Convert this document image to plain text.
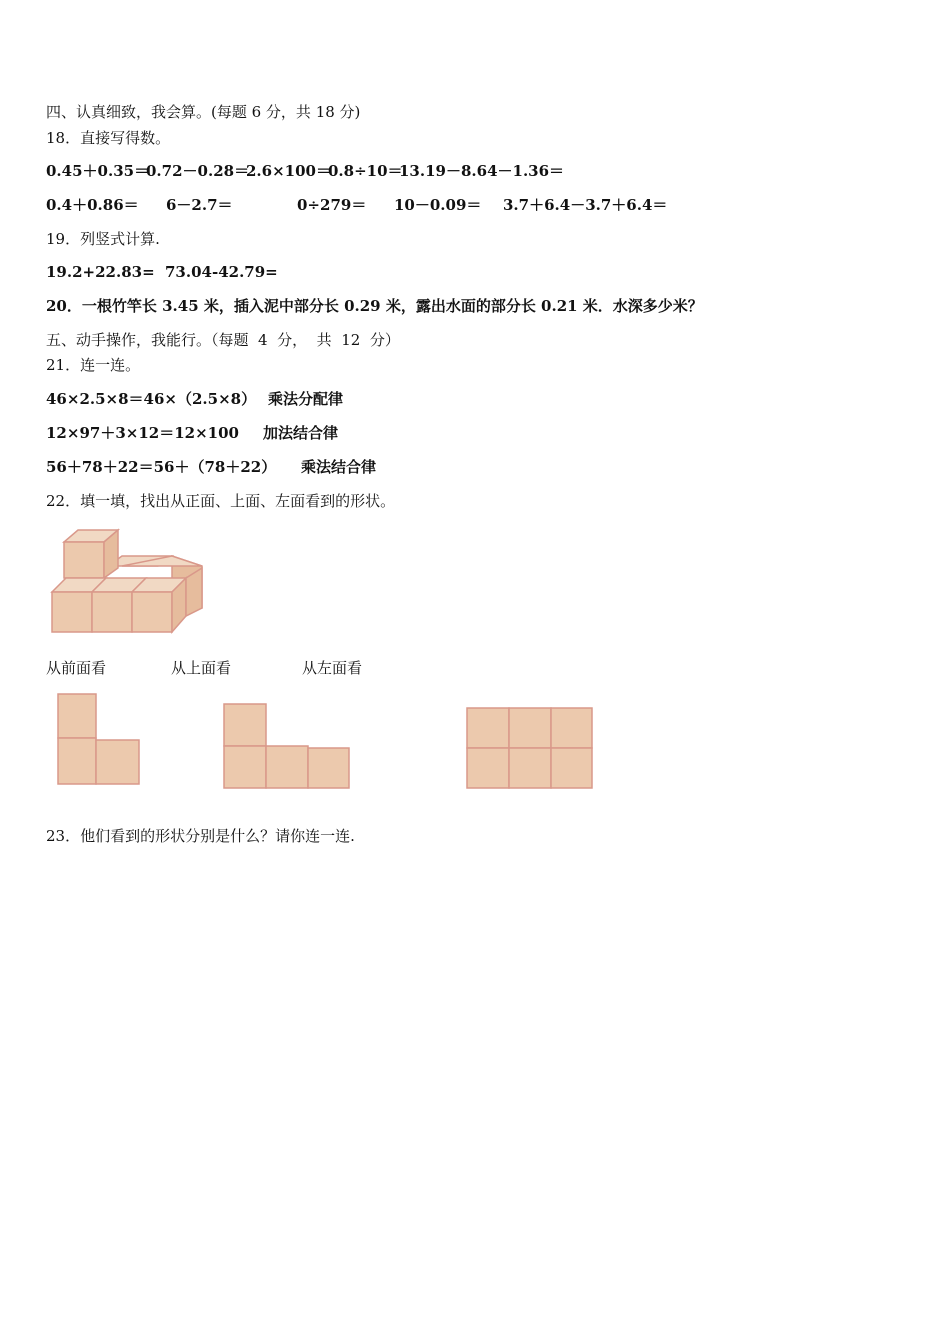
四、认真细致，我会算。(每题 6 分，共 18 分)
18．直接写得数。
0.45＋0.35＝
0.72－0.28＝
2.6×100＝
0.8÷10＝
13.19－8.64－1.36＝
0.4＋0.86＝ 6－2.7＝	0÷279＝ 10－0.09＝ 3.7＋6.4－3.7＋6.4＝
19．列竖式计算.
19.2+22.83= 73.04-42.79=
20．一根竹竿长 3.45 米，插入泥中部分长 0.29 米，露出水面的部分长 0.21 米．水深多少米？
五、动手操作，我能行。（每题  4  分，  共  12  分）
21．连一连。
46×2.5×8＝46×（2.5×8） 乘法分配律
12×97＋3×12＝12×100 加法结合律
56＋78＋22＝56＋（78＋22） 乘法结合律
22．填一填，找出从正面、上面、左面看到的形状。
从前面看	从上面看	从左面看
23．他们看到的形状分别是什么？请你连一连.
